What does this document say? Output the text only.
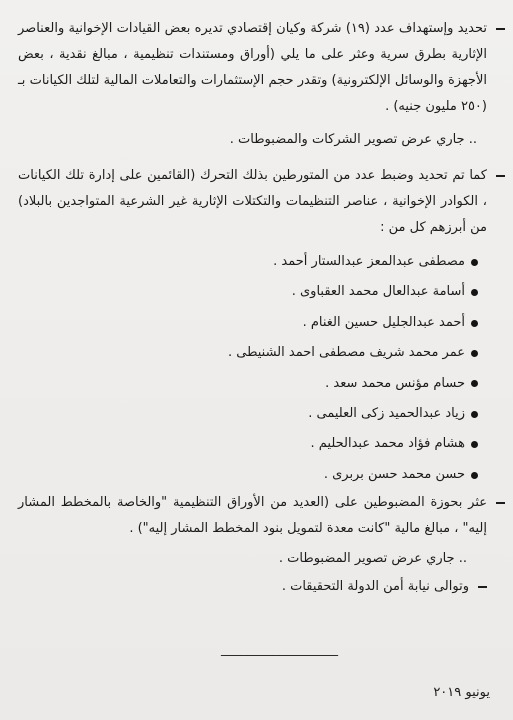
تحديد وإستهداف عدد (١٩) شركة وكيان إقتصادي تديره بعض القيادات الإخوانية والعناصر الإثارية بطرق سرية وعثر على ما يلي (أوراق ومستندات تنظيمية ، مبالغ نقدية ، بعض الأجهزة والوسائل الإلكترونية) وتقدر حجم الإستثمارات والتعاملات المالية لتلك الكيانات بـ (٢٥٠ مليون جنيه) .
.. جاري عرض تصوير الشركات والمضبوطات .
كما تم تحديد وضبط عدد من المتورطين بذلك التحرك (القائمين على إدارة تلك الكيانات ، الكوادر الإخوانية ، عناصر التنظيمات والتكتلات الإثارية غير الشرعية المتواجدين بالبلاد) من أبرزهم كل من :
مصطفى عبدالمعز عبدالستار أحمد .
أسامة عبدالعال محمد العقباوى .
أحمد عبدالجليل حسين الغنام .
عمر محمد شريف مصطفى احمد الشنيطى .
حسام مؤنس محمد سعد .
زياد عبدالحميد زكى العليمى .
هشام فؤاد محمد عبدالحليم .
حسن محمد حسن بربرى .
عثر بحوزة المضبوطين على (العديد من الأوراق التنظيمية "والخاصة بالمخطط المشار إليه" ، مبالغ مالية "كانت معدة لتمويل بنود المخطط المشار إليه") .
.. جاري عرض تصوير المضبوطات .
وتوالى نيابة أمن الدولة التحقيقات .
__________________
يونيو ٢٠١٩
